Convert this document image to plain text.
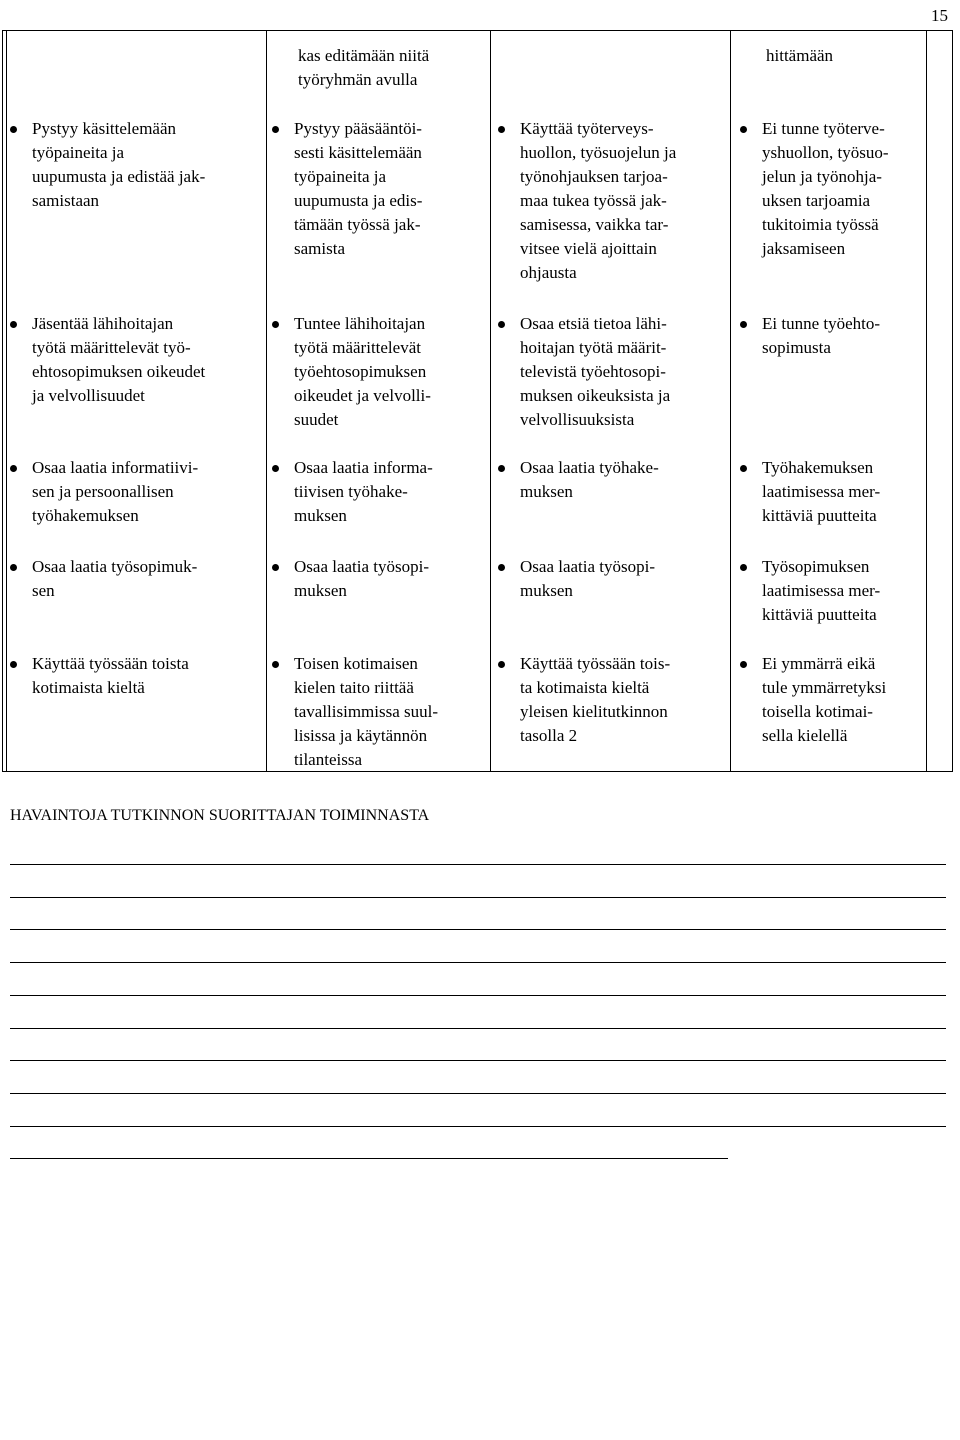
15
kas editämään niitä
työryhmän avulla
hittämään
Pystyy käsittelemään
työpaineita ja
uupumusta ja edistää jak-
samistaan
Pystyy pääsääntöi-
sesti käsittelemään
työpaineita ja
uupumusta ja edis-
tämään työssä jak-
samista
Käyttää työterveys-
huollon, työsuojelun ja
työnohjauksen tarjoa-
maa tukea työssä jak-
samisessa, vaikka tar-
vitsee vielä ajoittain
ohjausta
Ei tunne työterve-
yshuollon, työsuo-
jelun ja työnohja-
uksen tarjoamia
tukitoimia työssä
jaksamiseen
Jäsentää lähihoitajan
työtä määrittelevät työ-
ehtosopimuksen oikeudet
ja velvollisuudet
Tuntee lähihoitajan
työtä määrittelevät
työehtosopimuksen
oikeudet ja velvolli-
suudet
Osaa etsiä tietoa lähi-
hoitajan työtä määrit-
televistä työehtosopi-
muksen oikeuksista ja
velvollisuuksista
Ei tunne työehto-
sopimusta
Osaa laatia informatiivi-
sen ja persoonallisen
työhakemuksen
Osaa laatia informa-
tiivisen työhake-
muksen
Osaa laatia työhake-
muksen
Työhakemuksen
laatimisessa mer-
kittäviä puutteita
Osaa laatia työsopimuk-
sen
Osaa laatia työsopi-
muksen
Osaa laatia työsopi-
muksen
Työsopimuksen
laatimisessa mer-
kittäviä puutteita
Käyttää työssään toista
kotimaista kieltä
Toisen kotimaisen
kielen taito riittää
tavallisimmissa suul-
lisissa ja käytännön
tilanteissa
Käyttää työssään tois-
ta kotimaista kieltä
yleisen kielitutkinnon
tasolla 2
Ei ymmärrä eikä
tule ymmärretyksi
toisella kotimai-
sella kielellä
HAVAINTOJA TUTKINNON SUORITTAJAN TOIMINNASTA
